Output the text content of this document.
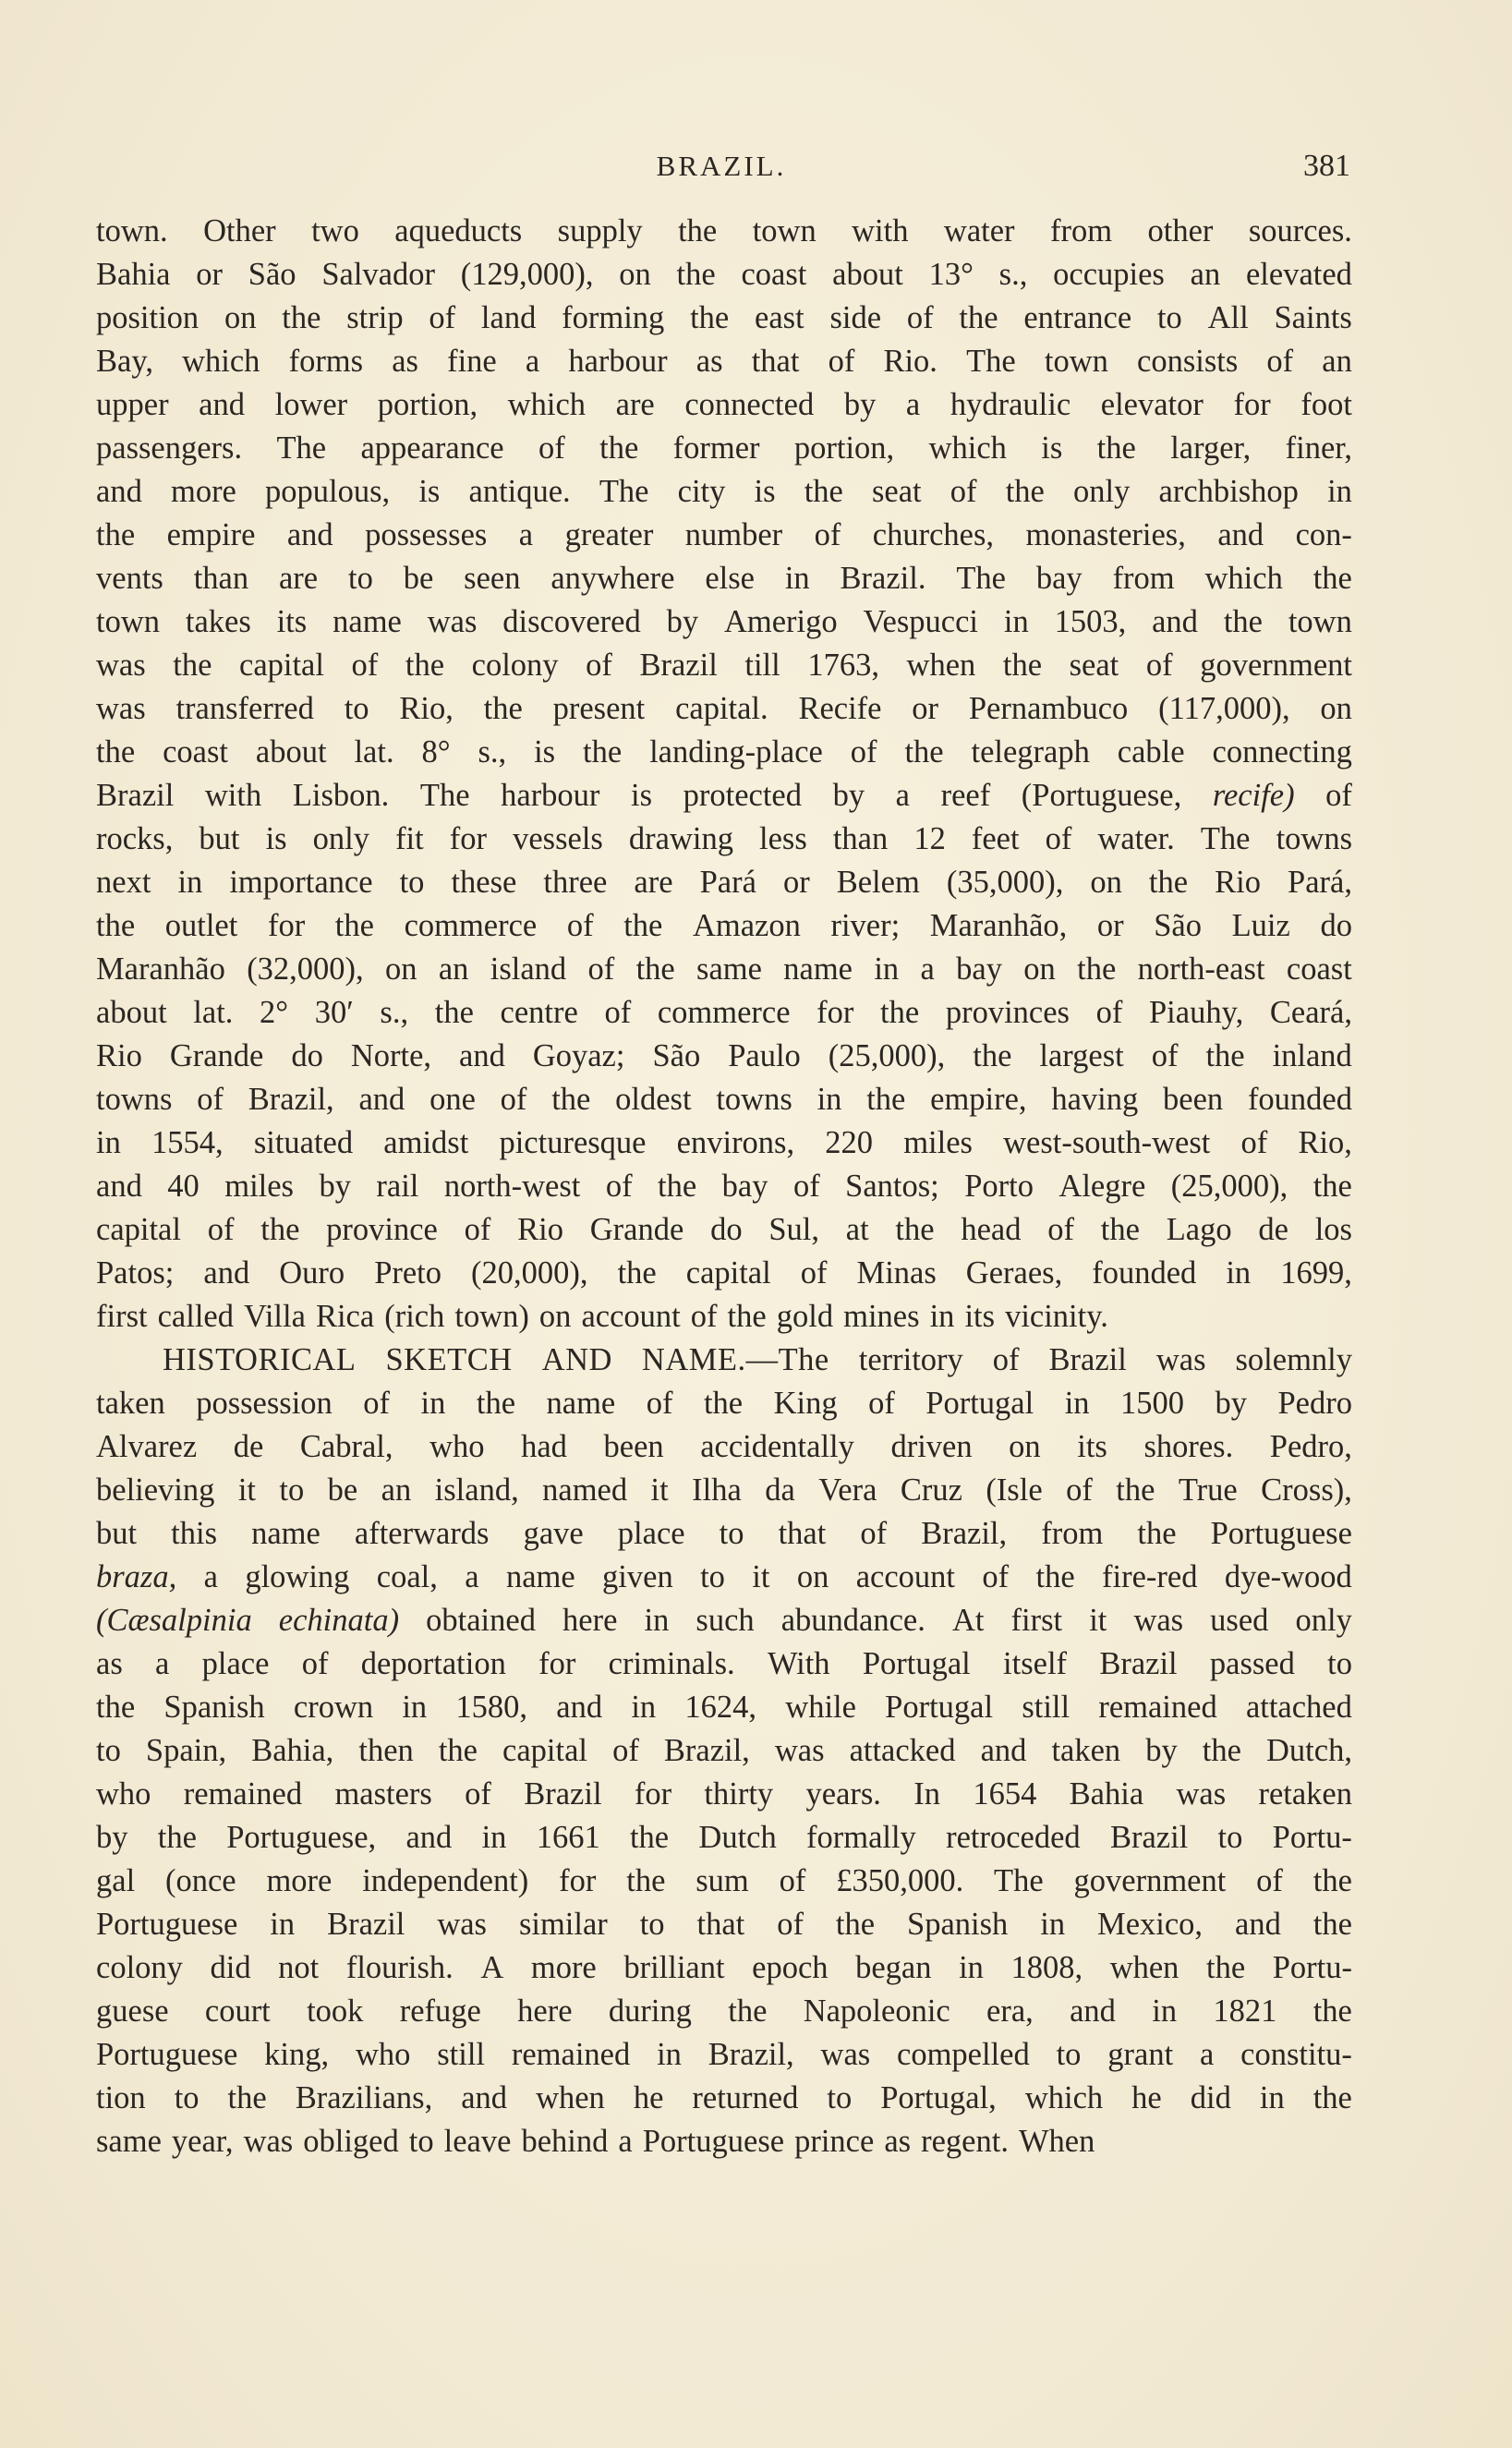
BRAZIL.	381
town. Other two aqueducts supply the town with water from other sources.
Bahia or São Salvador (129,000), on the coast about 13° s., occupies an elevated
position on the strip of land forming the east side of the entrance to All Saints
Bay, which forms as fine a harbour as that of Rio. The town consists of an
upper and lower portion, which are connected by a hydraulic elevator for foot
passengers. The appearance of the former portion, which is the larger, finer,
and more populous, is antique. The city is the seat of the only archbishop in
the empire and possesses a greater number of churches, monasteries, and con-
vents than are to be seen anywhere else in Brazil. The bay from which the
town takes its name was discovered by Amerigo Vespucci in 1503, and the town
was the capital of the colony of Brazil till 1763, when the seat of government
was transferred to Rio, the present capital. Recife or Pernambuco (117,000), on
the coast about lat. 8° s., is the landing-place of the telegraph cable connecting
Brazil with Lisbon. The harbour is protected by a reef (Portuguese, recife) of
rocks, but is only fit for vessels drawing less than 12 feet of water. The towns
next in importance to these three are Pará or Belem (35,000), on the Rio Pará,
the outlet for the commerce of the Amazon river; Maranhão, or São Luiz do
Maranhão (32,000), on an island of the same name in a bay on the north-east coast
about lat. 2° 30′ s., the centre of commerce for the provinces of Piauhy, Ceará,
Rio Grande do Norte, and Goyaz; São Paulo (25,000), the largest of the inland
towns of Brazil, and one of the oldest towns in the empire, having been founded
in 1554, situated amidst picturesque environs, 220 miles west-south-west of Rio,
and 40 miles by rail north-west of the bay of Santos; Porto Alegre (25,000), the
capital of the province of Rio Grande do Sul, at the head of the Lago de los
Patos; and Ouro Preto (20,000), the capital of Minas Geraes, founded in 1699,
first called Villa Rica (rich town) on account of the gold mines in its vicinity.
HISTORICAL SKETCH AND NAME.—The territory of Brazil was solemnly
taken possession of in the name of the King of Portugal in 1500 by Pedro
Alvarez de Cabral, who had been accidentally driven on its shores. Pedro,
believing it to be an island, named it Ilha da Vera Cruz (Isle of the True Cross),
but this name afterwards gave place to that of Brazil, from the Portuguese
braza, a glowing coal, a name given to it on account of the fire-red dye-wood
(Cæsalpinia echinata) obtained here in such abundance. At first it was used only
as a place of deportation for criminals. With Portugal itself Brazil passed to
the Spanish crown in 1580, and in 1624, while Portugal still remained attached
to Spain, Bahia, then the capital of Brazil, was attacked and taken by the Dutch,
who remained masters of Brazil for thirty years. In 1654 Bahia was retaken
by the Portuguese, and in 1661 the Dutch formally retroceded Brazil to Portu-
gal (once more independent) for the sum of £350,000. The government of the
Portuguese in Brazil was similar to that of the Spanish in Mexico, and the
colony did not flourish. A more brilliant epoch began in 1808, when the Portu-
guese court took refuge here during the Napoleonic era, and in 1821 the
Portuguese king, who still remained in Brazil, was compelled to grant a constitu-
tion to the Brazilians, and when he returned to Portugal, which he did in the
same year, was obliged to leave behind a Portuguese prince as regent. When
